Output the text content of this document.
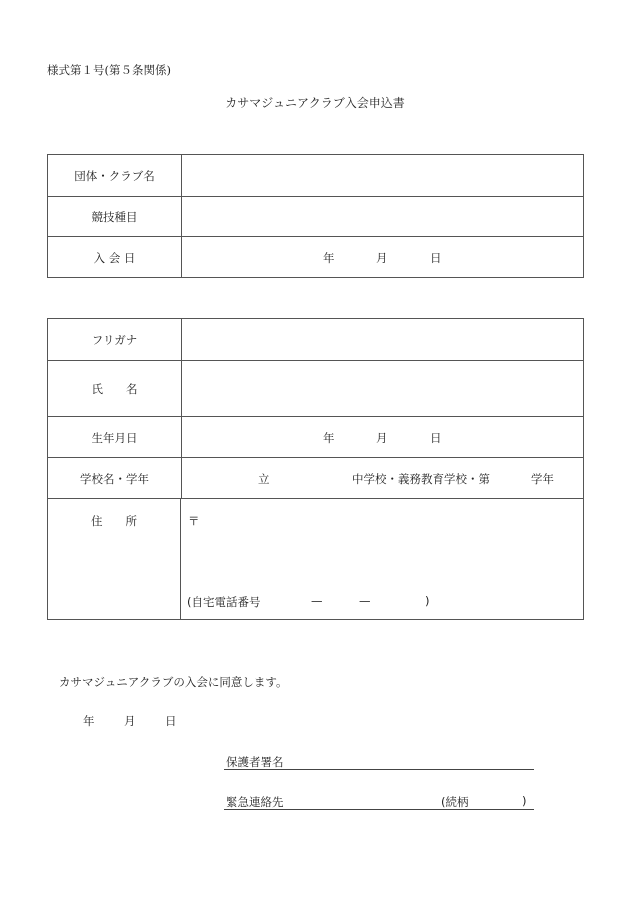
様式第１号(第５条関係)
カサマジュニアクラブ入会申込書
団体・クラブ名
競技種目
入 会 日	年	月	日
フリガナ
氏　　名
生年月日	年	月	日
学校名・学年	立	中学校・義務教育学校・第	学年
住　　所	〒
(自宅電話番号	—	—	)
カサマジュニアクラブの入会に同意します。
年	月	日
保護者署名
緊急連絡先	(続柄	)
